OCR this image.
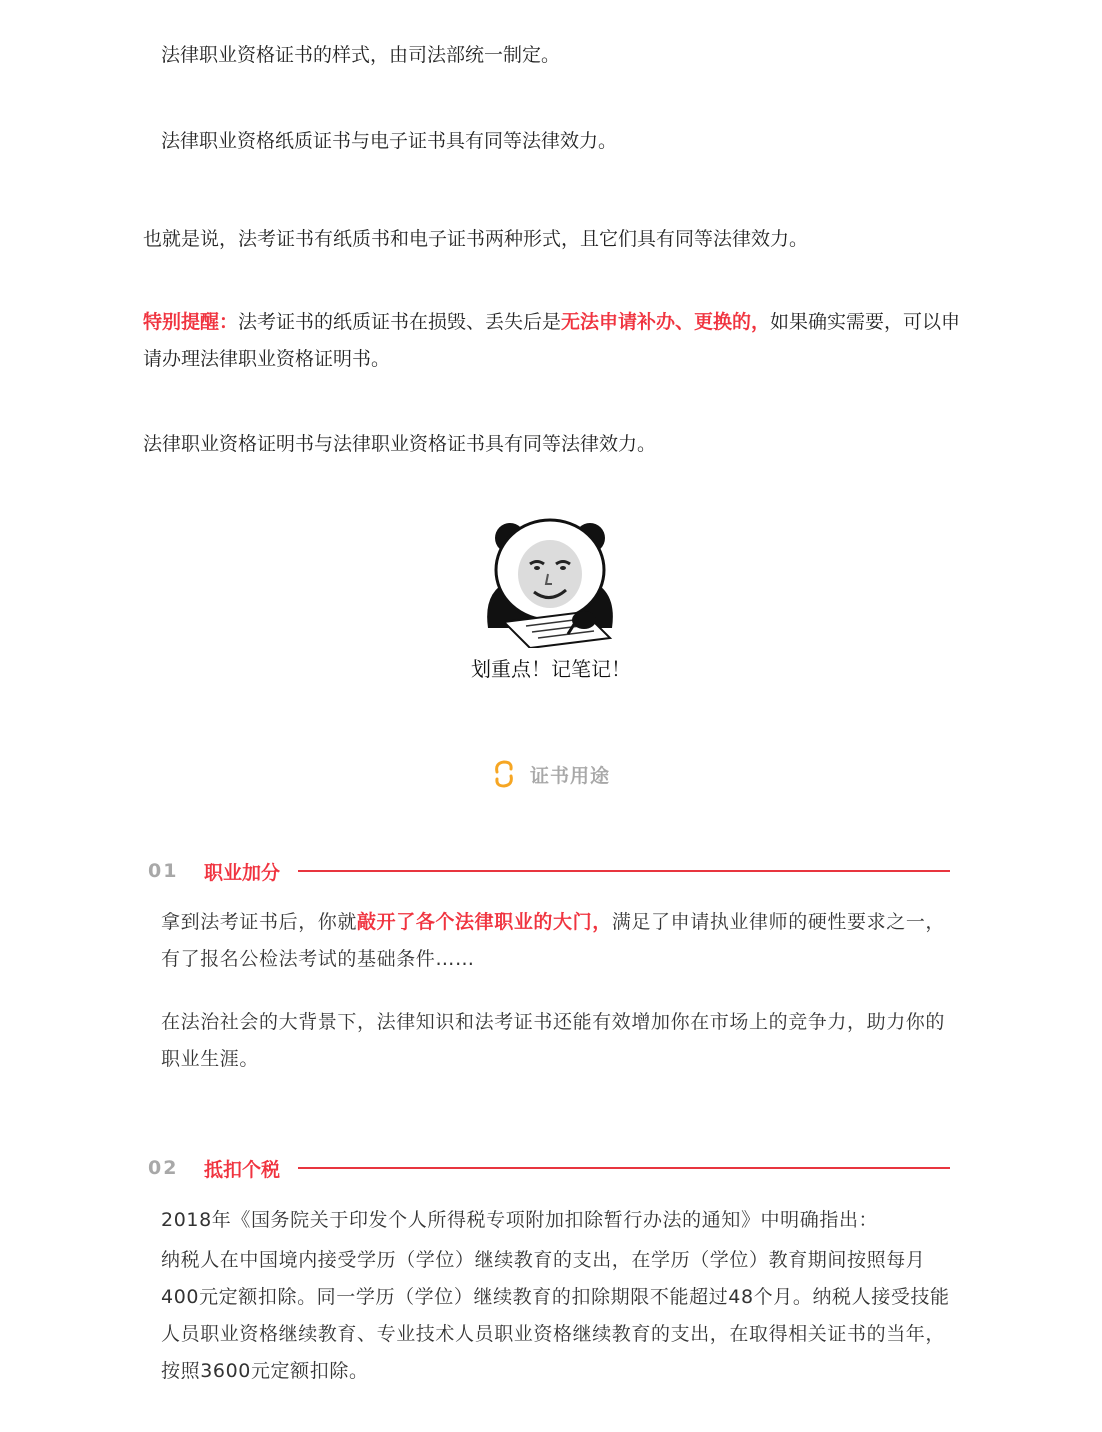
法律职业资格证书的样式，由司法部统一制定。

法律职业资格纸质证书与电子证书具有同等法律效力。

也就是说，法考证书有纸质书和电子证书两种形式，且它们具有同等法律效力。

特别提醒：法考证书的纸质证书在损毁、丢失后是无法申请补办、更换的，如果确实需要，可以申请办理法律职业资格证明书。

法律职业资格证明书与法律职业资格证书具有同等法律效力。

划重点！记笔记！
证书用途
01	职业加分

拿到法考证书后，你就敲开了各个法律职业的大门，满足了申请执业律师的硬性要求之一，有了报名公检法考试的基础条件……

在法治社会的大背景下，法律知识和法考证书还能有效增加你在市场上的竞争力，助力你的职业生涯。

02	抵扣个税

2018年《国务院关于印发个人所得税专项附加扣除暂行办法的通知》中明确指出：

纳税人在中国境内接受学历（学位）继续教育的支出，在学历（学位）教育期间按照每月400元定额扣除。同一学历（学位）继续教育的扣除期限不能超过48个月。纳税人接受技能人员职业资格继续教育、专业技术人员职业资格继续教育的支出，在取得相关证书的当年，按照3600元定额扣除。
